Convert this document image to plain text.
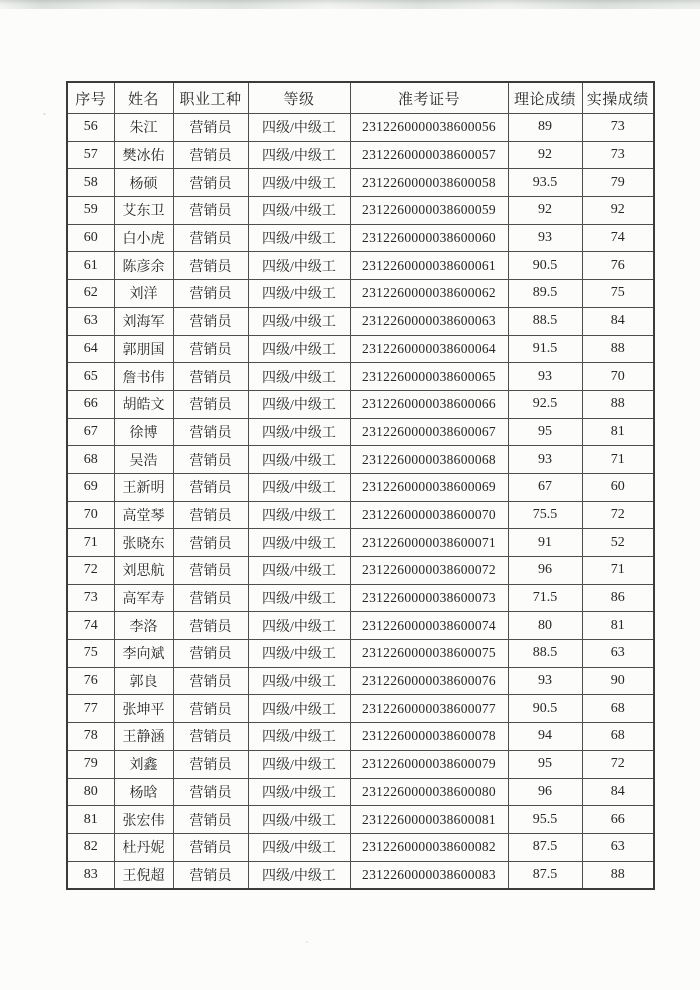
序号	姓名	职业工种	等级	准考证号	理论成绩	实操成绩
56	朱江	营销员	四级/中级工	2312260000038600056	89	73
57	樊冰佑	营销员	四级/中级工	2312260000038600057	92	73
58	杨硕	营销员	四级/中级工	2312260000038600058	93.5	79
59	艾东卫	营销员	四级/中级工	2312260000038600059	92	92
60	白小虎	营销员	四级/中级工	2312260000038600060	93	74
61	陈彦余	营销员	四级/中级工	2312260000038600061	90.5	76
62	刘洋	营销员	四级/中级工	2312260000038600062	89.5	75
63	刘海军	营销员	四级/中级工	2312260000038600063	88.5	84
64	郭朋国	营销员	四级/中级工	2312260000038600064	91.5	88
65	詹书伟	营销员	四级/中级工	2312260000038600065	93	70
66	胡皓文	营销员	四级/中级工	2312260000038600066	92.5	88
67	徐博	营销员	四级/中级工	2312260000038600067	95	81
68	吴浩	营销员	四级/中级工	2312260000038600068	93	71
69	王新明	营销员	四级/中级工	2312260000038600069	67	60
70	高堂琴	营销员	四级/中级工	2312260000038600070	75.5	72
71	张晓东	营销员	四级/中级工	2312260000038600071	91	52
72	刘思航	营销员	四级/中级工	2312260000038600072	96	71
73	高军寿	营销员	四级/中级工	2312260000038600073	71.5	86
74	李洛	营销员	四级/中级工	2312260000038600074	80	81
75	李向斌	营销员	四级/中级工	2312260000038600075	88.5	63
76	郭良	营销员	四级/中级工	2312260000038600076	93	90
77	张坤平	营销员	四级/中级工	2312260000038600077	90.5	68
78	王静涵	营销员	四级/中级工	2312260000038600078	94	68
79	刘鑫	营销员	四级/中级工	2312260000038600079	95	72
80	杨晗	营销员	四级/中级工	2312260000038600080	96	84
81	张宏伟	营销员	四级/中级工	2312260000038600081	95.5	66
82	杜丹妮	营销员	四级/中级工	2312260000038600082	87.5	63
83	王倪超	营销员	四级/中级工	2312260000038600083	87.5	88
